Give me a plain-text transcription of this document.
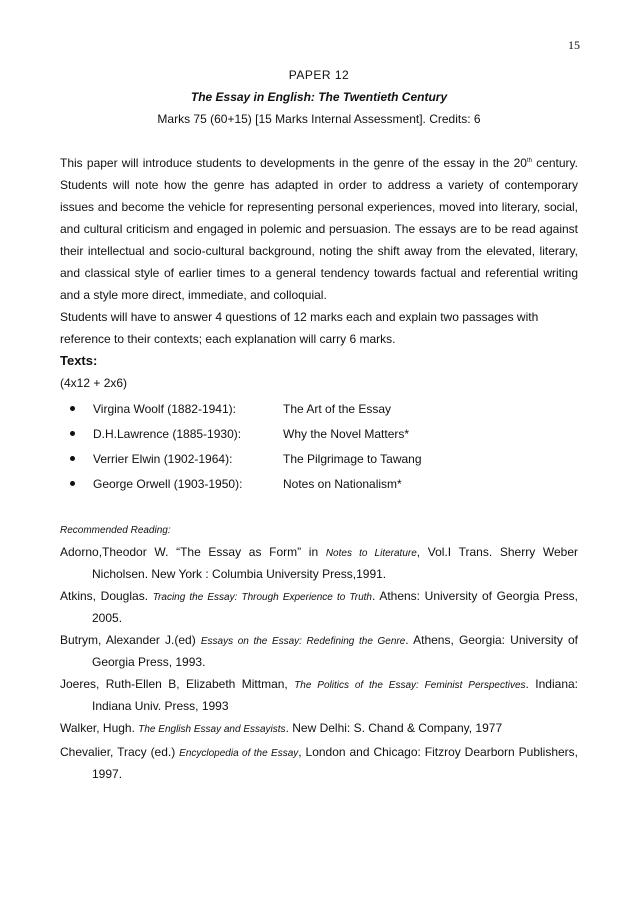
15
PAPER 12
The Essay in English: The Twentieth Century
Marks 75 (60+15) [15 Marks Internal Assessment]. Credits: 6

This paper will introduce students to developments in the genre of the essay in the 20th century. Students will note how the genre has adapted in order to address a variety of contemporary issues and become the vehicle for representing personal experiences, moved into literary, social, and cultural criticism and engaged in polemic and persuasion. The essays are to be read against their intellectual and socio-cultural background, noting the shift away from the elevated, literary, and classical style of earlier times to a general tendency towards factual and referential writing and a style more direct, immediate, and colloquial.

Students will have to answer 4 questions of 12 marks each and explain two passages with reference to their contexts; each explanation will carry 6 marks.

Texts:

(4x12 + 2x6)

Virgina Woolf (1882-1941):	The Art of the Essay
D.H.Lawrence (1885-1930):	Why the Novel Matters*
Verrier Elwin (1902-1964):	The Pilgrimage to Tawang
George Orwell (1903-1950):	Notes on Nationalism*

Recommended Reading:

Adorno,Theodor W. “The Essay as Form” in Notes to Literature, Vol.I Trans. Sherry Weber Nicholsen. New York : Columbia University Press,1991.

Atkins, Douglas. Tracing the Essay: Through Experience to Truth. Athens: University of Georgia Press, 2005.

Butrym, Alexander J.(ed) Essays on the Essay: Redefining the Genre. Athens, Georgia: University of Georgia Press, 1993.

Joeres, Ruth-Ellen B, Elizabeth Mittman, The Politics of the Essay: Feminist Perspectives. Indiana: Indiana Univ. Press, 1993

Walker, Hugh. The English Essay and Essayists. New Delhi: S. Chand & Company, 1977

Chevalier, Tracy (ed.) Encyclopedia of the Essay, London and Chicago: Fitzroy Dearborn Publishers, 1997.
